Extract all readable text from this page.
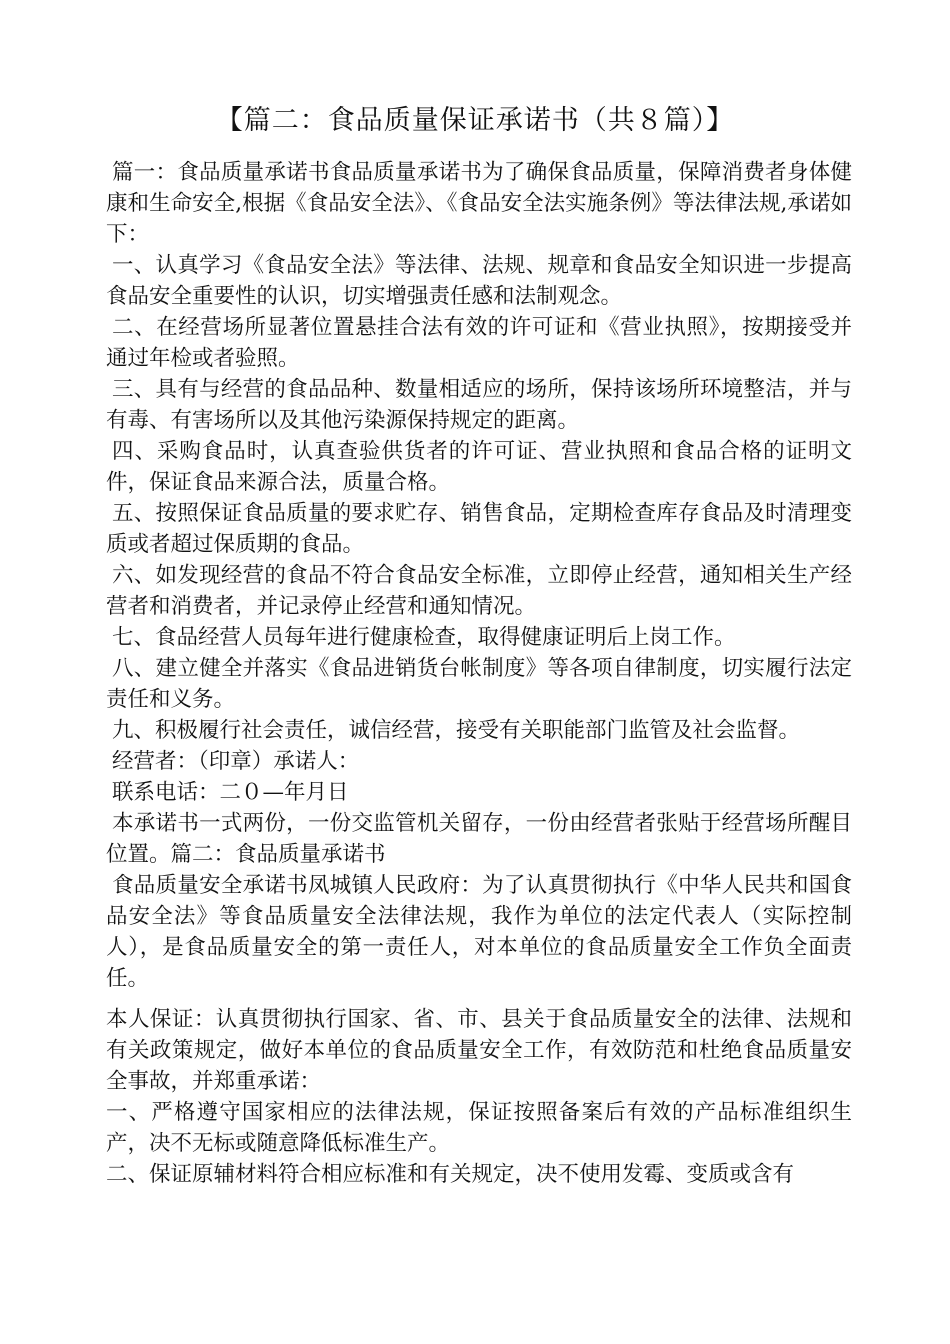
【篇二：食品质量保证承诺书（共８篇）】

篇一：食品质量承诺书食品质量承诺书为了确保食品质量，保障消费者身体健康和生命安全,根据《食品安全法》、《食品安全法实施条例》等法律法规,承诺如下：

一、认真学习《食品安全法》等法律、法规、规章和食品安全知识进一步提高食品安全重要性的认识，切实增强责任感和法制观念。

二、在经营场所显著位置悬挂合法有效的许可证和《营业执照》，按期接受并通过年检或者验照。

三、具有与经营的食品品种、数量相适应的场所，保持该场所环境整洁，并与有毒、有害场所以及其他污染源保持规定的距离。

四、采购食品时，认真查验供货者的许可证、营业执照和食品合格的证明文件，保证食品来源合法，质量合格。

五、按照保证食品质量的要求贮存、销售食品，定期检查库存食品及时清理变质或者超过保质期的食品。

六、如发现经营的食品不符合食品安全标准，立即停止经营，通知相关生产经营者和消费者，并记录停止经营和通知情况。

七、食品经营人员每年进行健康检查，取得健康证明后上岗工作。

八、建立健全并落实《食品进销货台帐制度》等各项自律制度，切实履行法定责任和义务。

九、积极履行社会责任，诚信经营，接受有关职能部门监管及社会监督。

经营者：（印章）承诺人：

联系电话：二０—年月日

本承诺书一式两份，一份交监管机关留存，一份由经营者张贴于经营场所醒目位置。篇二：食品质量承诺书

食品质量安全承诺书凤城镇人民政府：为了认真贯彻执行《中华人民共和国食品安全法》等食品质量安全法律法规，我作为单位的法定代表人（实际控制人），是食品质量安全的第一责任人，对本单位的食品质量安全工作负全面责任。

本人保证：认真贯彻执行国家、省、市、县关于食品质量安全的法律、法规和有关政策规定，做好本单位的食品质量安全工作，有效防范和杜绝食品质量安全事故，并郑重承诺：

一、严格遵守国家相应的法律法规，保证按照备案后有效的产品标准组织生产，决不无标或随意降低标准生产。

二、保证原辅材料符合相应标准和有关规定，决不使用发霉、变质或含有
